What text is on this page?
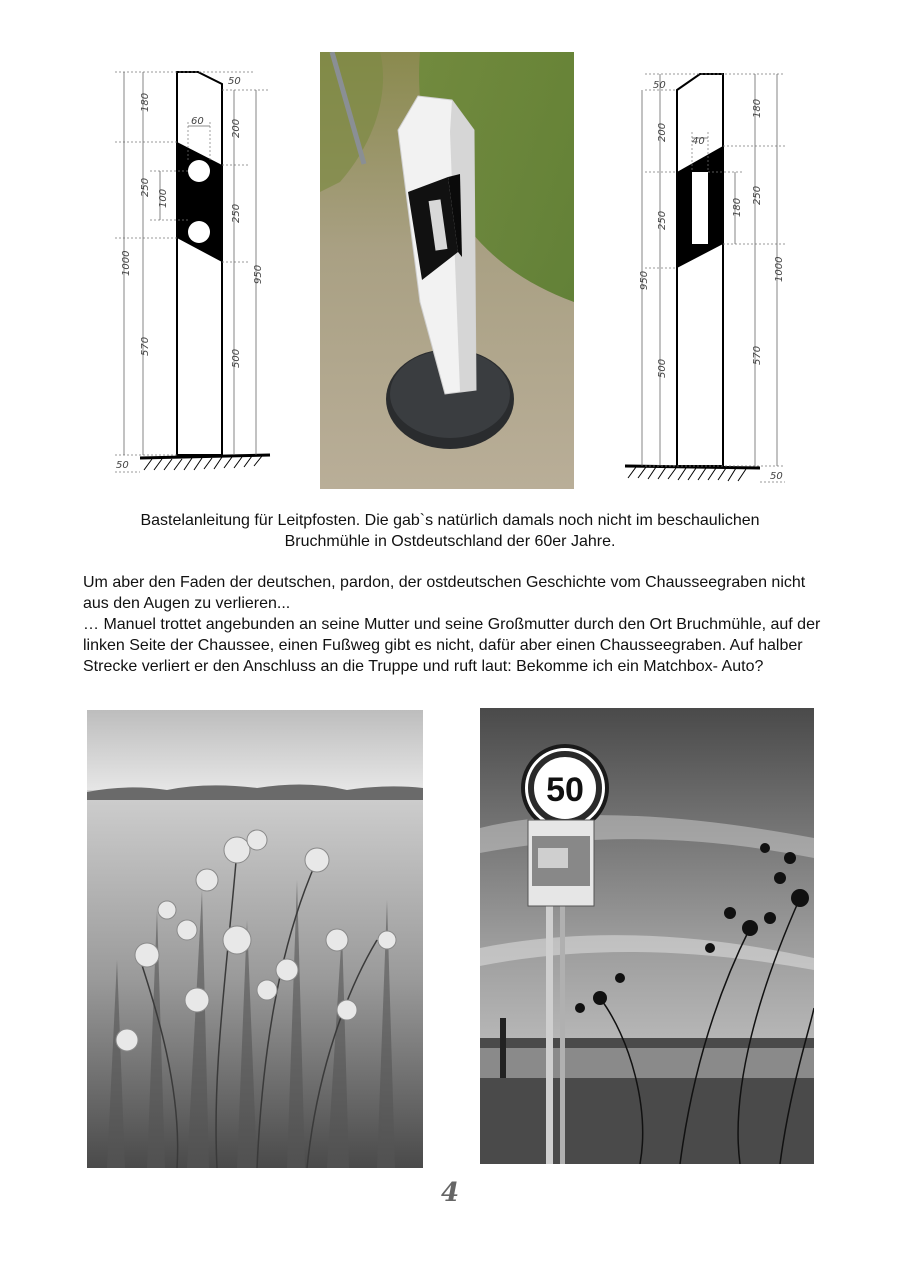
50
180
250
60
100
200
250
570
500
1000	950
50
50
200
180
40
250
250
180
500
570
950	1000
50
Bastelanleitung für Leitpfosten. Die gab`s natürlich damals noch nicht im beschaulichen
Bruchmühle in Ostdeutschland der 60er Jahre.

Um aber den Faden der deutschen, pardon, der ostdeutschen Geschichte vom Chausseegraben nicht aus den Augen zu verlieren...

… Manuel trottet angebunden an seine Mutter und seine Großmutter durch den Ort Bruchmühle, auf der linken Seite der Chaussee, einen Fußweg gibt es nicht, dafür aber einen Chausseegraben. Auf halber Strecke verliert er den Anschluss an die Truppe und ruft laut: Bekomme ich ein Matchbox- Auto?

50
4
